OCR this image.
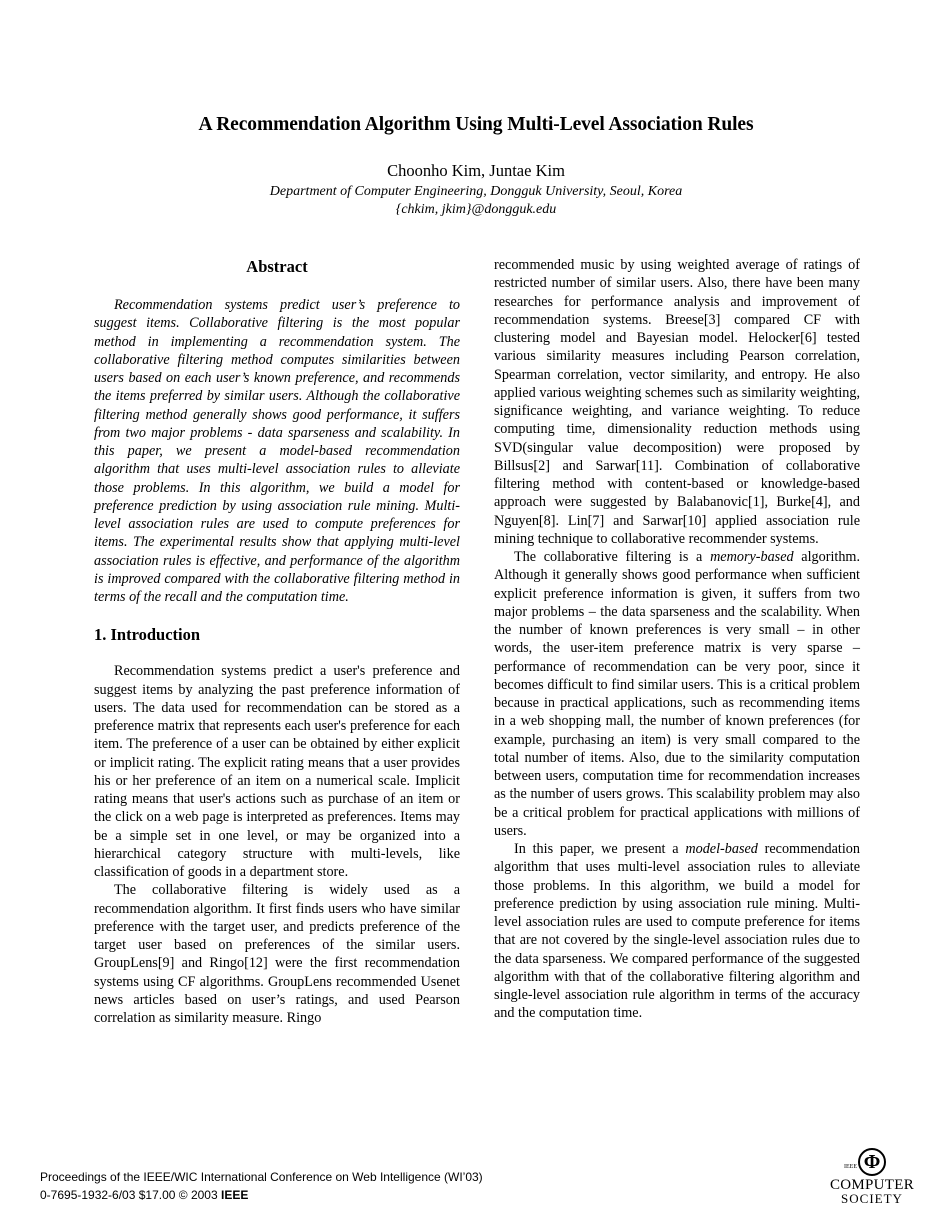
A Recommendation Algorithm Using Multi-Level Association Rules
Choonho Kim, Juntae Kim
Department of Computer Engineering, Dongguk University, Seoul, Korea
{chkim, jkim}@dongguk.edu
Abstract

Recommendation systems predict user’s preference to suggest items. Collaborative filtering is the most popular method in implementing a recommendation system. The collaborative filtering method computes similarities between users based on each user’s known preference, and recommends the items preferred by similar users. Although the collaborative filtering method generally shows good performance, it suffers from two major problems - data sparseness and scalability. In this paper, we present a model-based recommendation algorithm that uses multi-level association rules to alleviate those problems. In this algorithm, we build a model for preference prediction by using association rule mining. Multi-level association rules are used to compute preferences for items. The experimental results show that applying multi-level association rules is effective, and performance of the algorithm is improved compared with the collaborative filtering method in terms of the recall and the computation time.

1. Introduction

Recommendation systems predict a user's preference and suggest items by analyzing the past preference information of users. The data used for recommendation can be stored as a preference matrix that represents each user's preference for each item. The preference of a user can be obtained by either explicit or implicit rating. The explicit rating means that a user provides his or her preference of an item on a numerical scale. Implicit rating means that user's actions such as purchase of an item or the click on a web page is interpreted as preferences. Items may be a simple set in one level, or may be organized into a hierarchical category structure with multi-levels, like classification of goods in a department store.

The collaborative filtering is widely used as a recommendation algorithm. It first finds users who have similar preference with the target user, and predicts preference of the target user based on preferences of the similar users. GroupLens[9] and Ringo[12] were the first recommendation systems using CF algorithms. GroupLens recommended Usenet news articles based on user’s ratings, and used Pearson correlation as similarity measure. Ringo

recommended music by using weighted average of ratings of restricted number of similar users. Also, there have been many researches for performance analysis and improvement of recommendation systems. Breese[3] compared CF with clustering model and Bayesian model. Helocker[6] tested various similarity measures including Pearson correlation, Spearman correlation, vector similarity, and entropy. He also applied various weighting schemes such as similarity weighting, significance weighting, and variance weighting. To reduce computing time, dimensionality reduction methods using SVD(singular value decomposition) were proposed by Billsus[2] and Sarwar[11]. Combination of collaborative filtering method with content-based or knowledge-based approach were suggested by Balabanovic[1], Burke[4], and Nguyen[8]. Lin[7] and Sarwar[10] applied association rule mining technique to collaborative recommender systems.

The collaborative filtering is a memory-based algorithm. Although it generally shows good performance when sufficient explicit preference information is given, it suffers from two major problems – the data sparseness and the scalability. When the number of known preferences is very small – in other words, the user-item preference matrix is very sparse – performance of recommendation can be very poor, since it becomes difficult to find similar users. This is a critical problem because in practical applications, such as recommending items in a web shopping mall, the number of known preferences (for example, purchasing an item) is very small compared to the total number of items. Also, due to the similarity computation between users, computation time for recommendation increases as the number of users grows. This scalability problem may also be a critical problem for practical applications with millions of users.

In this paper, we present a model-based recommendation algorithm that uses multi-level association rules to alleviate those problems. In this algorithm, we build a model for preference prediction by using association rule mining. Multi-level association rules are used to compute preference for items that are not covered by the single-level association rules due to the data sparseness. We compared performance of the suggested algorithm with that of the collaborative filtering algorithm and single-level association rule algorithm in terms of the accuracy and the computation time.

Proceedings of the IEEE/WIC International Conference on Web Intelligence (WI’03)
0-7695-1932-6/03 $17.00 © 2003 IEEE
Φ
IEEE
COMPUTER
SOCIETY
